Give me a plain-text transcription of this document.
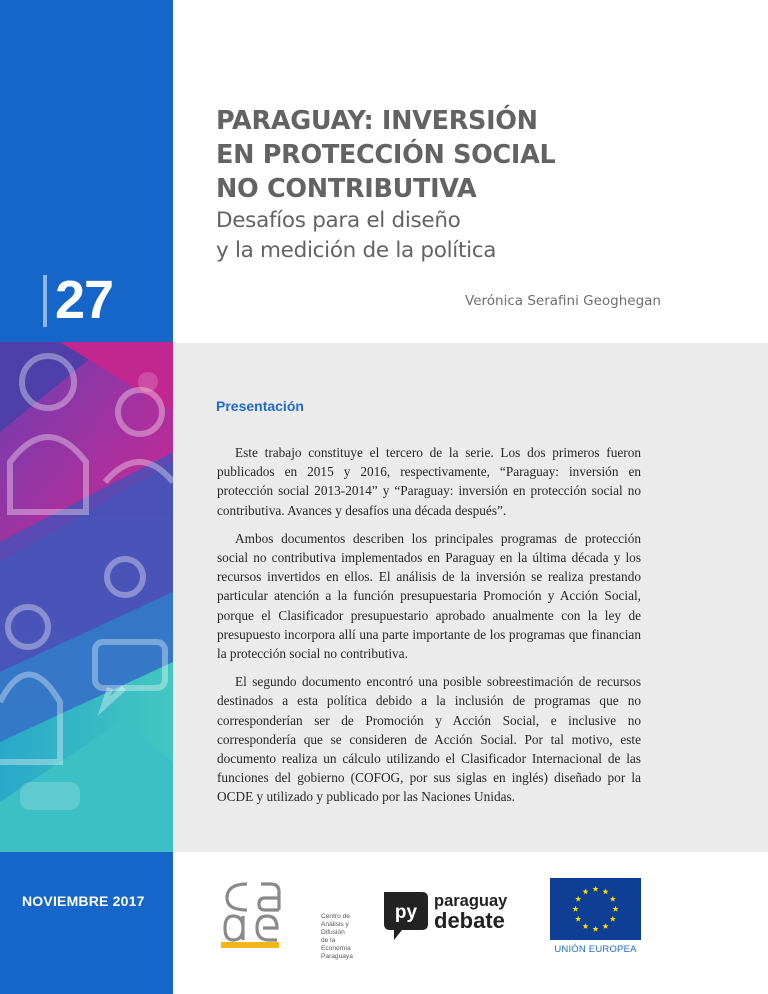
27
NOVIEMBRE 2017
PARAGUAY: INVERSIÓN
EN PROTECCIÓN SOCIAL
NO CONTRIBUTIVA
Desafíos para el diseño
y la medición de la política
Verónica Serafini Geoghegan
Presentación

Este trabajo constituye el tercero de la serie. Los dos primeros fueron publicados en 2015 y 2016, respectivamente, “Paraguay: inversión en protección social 2013-2014” y “Paraguay: inversión en protección social no contributiva. Avances y desafíos una década después”.

Ambos documentos describen los principales programas de protección social no contributiva implementados en Paraguay en la última década y los recursos invertidos en ellos. El análisis de la inversión se realiza prestando particular atención a la función presupuestaria Promoción y Acción Social, porque el Clasificador presupuestario aprobado anualmente con la ley de presupuesto incorpora allí una parte importante de los programas que financian la protección social no contributiva.

El segundo documento encontró una posible sobreestimación de recursos destinados a esta política debido a la inclusión de programas que no corresponderían ser de Promoción y Acción Social, e inclusive no correspondería que se consideren de Acción Social. Por tal motivo, este documento realiza un cálculo utilizando el Clasificador Internacional de las funciones del gobierno (COFOG, por sus siglas en inglés) diseñado por la OCDE y utilizado y publicado por las Naciones Unidas.

Centro de Análisis y Difusión
de la Economía Paraguaya
py
paraguay
debate
UNIÓN EUROPEA
